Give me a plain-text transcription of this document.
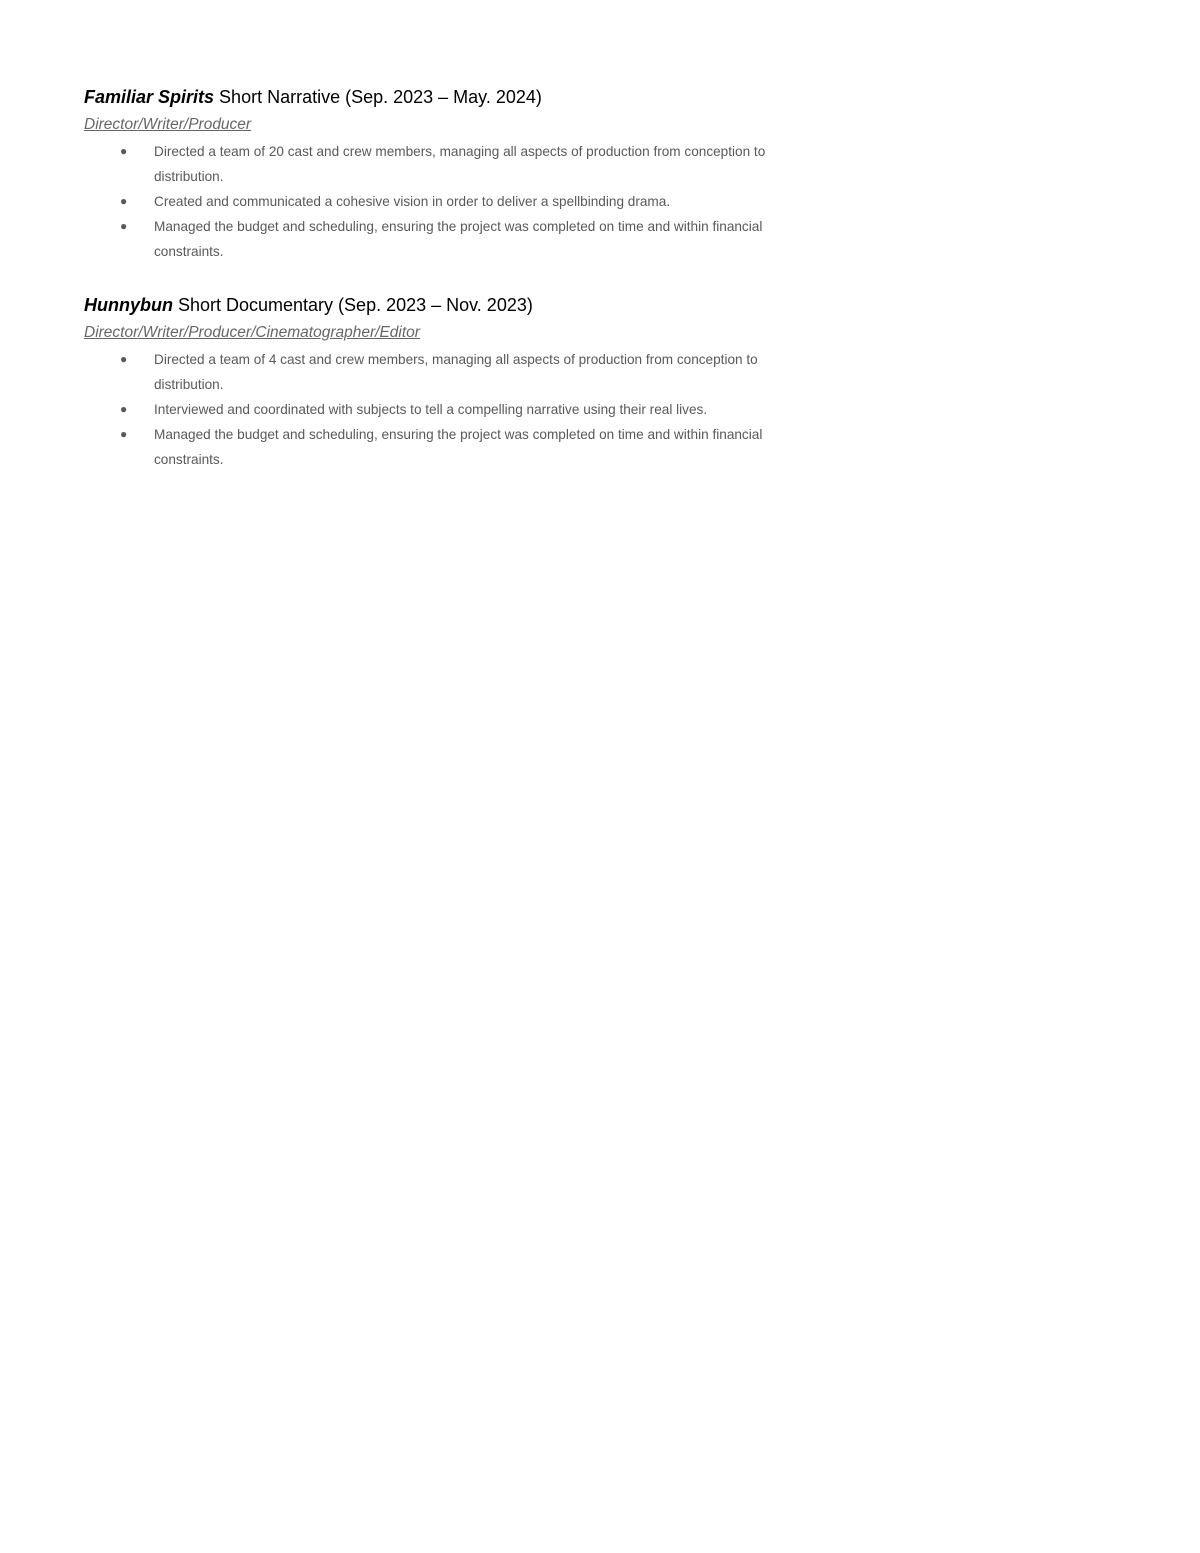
Familiar Spirits Short Narrative (Sep. 2023 – May. 2024)
Director/Writer/Producer
● Directed a team of 20 cast and crew members, managing all aspects of production from conception to distribution.
● Created and communicated a cohesive vision in order to deliver a spellbinding drama.
● Managed the budget and scheduling, ensuring the project was completed on time and within financial constraints.
Hunnybun Short Documentary (Sep. 2023 – Nov. 2023)
Director/Writer/Producer/Cinematographer/Editor
● Directed a team of 4 cast and crew members, managing all aspects of production from conception to distribution.
● Interviewed and coordinated with subjects to tell a compelling narrative using their real lives.
● Managed the budget and scheduling, ensuring the project was completed on time and within financial constraints.
